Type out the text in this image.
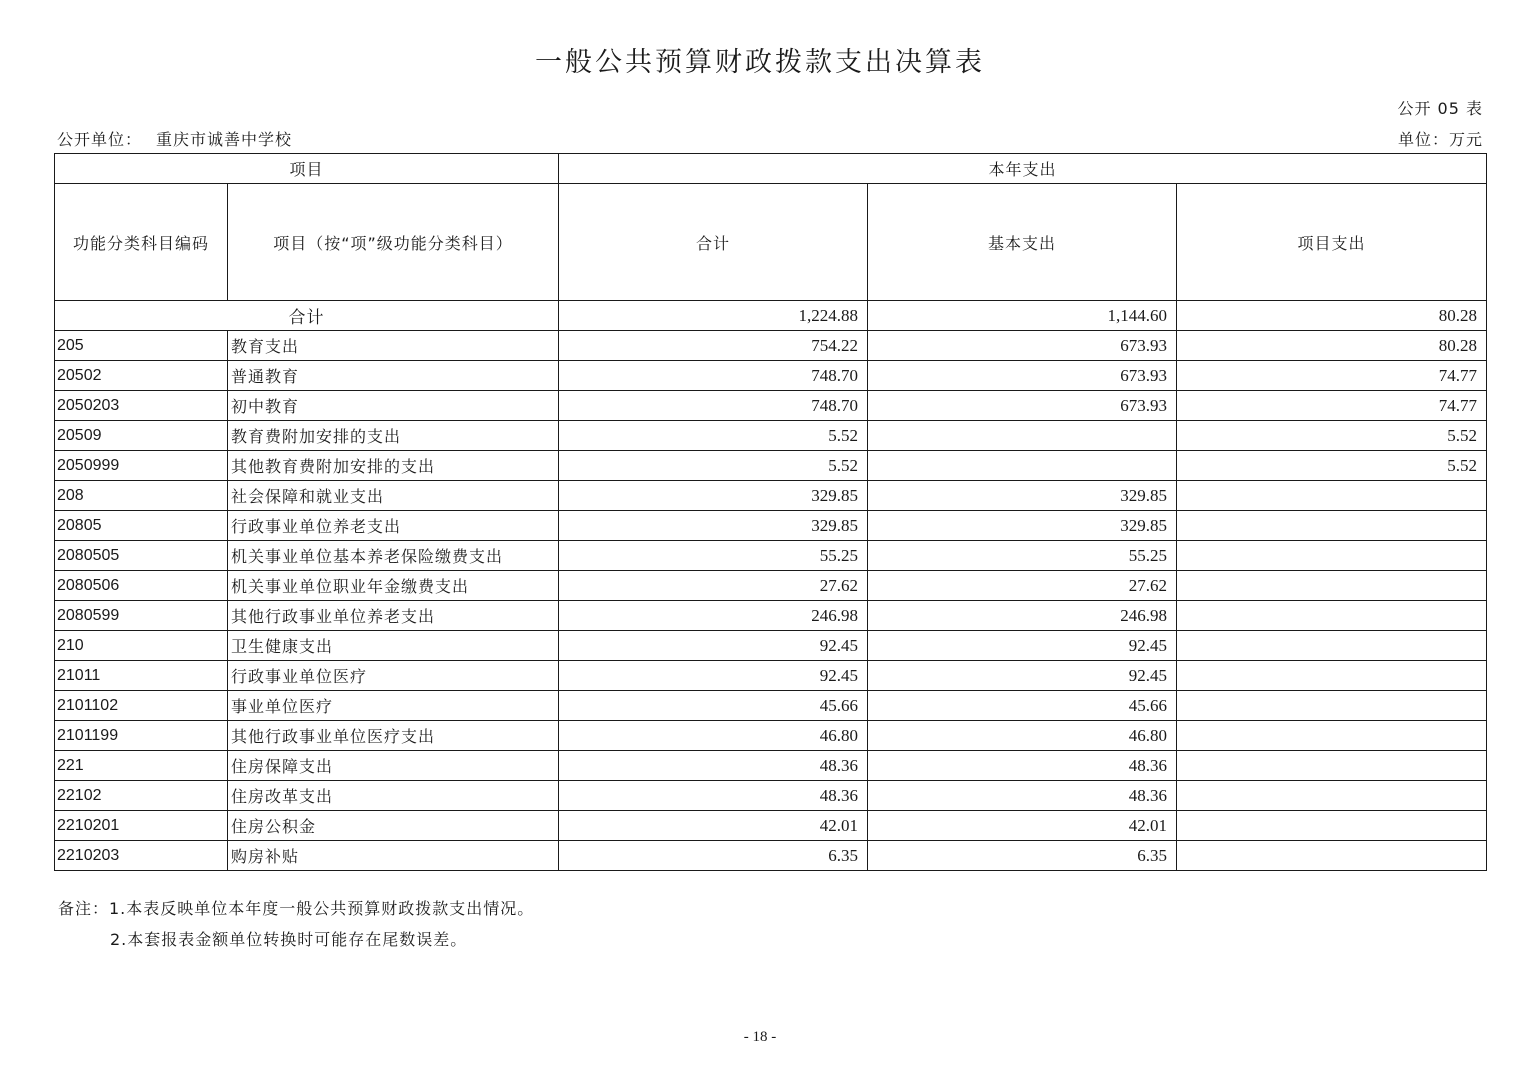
一般公共预算财政拨款支出决算表
公开 05 表
公开单位： 重庆市诚善中学校	单位：万元
项目		本年支出		
功能分类科目编码	项目（按“项”级功能分类科目）	合计	基本支出	项目支出
合计		1,224.88	1,144.60	80.28
205	教育支出	754.22	673.93	80.28
20502	普通教育	748.70	673.93	74.77
2050203	初中教育	748.70	673.93	74.77
20509	教育费附加安排的支出	5.52		5.52
2050999	其他教育费附加安排的支出	5.52		5.52
208	社会保障和就业支出	329.85	329.85	
20805	行政事业单位养老支出	329.85	329.85	
2080505	机关事业单位基本养老保险缴费支出	55.25	55.25	
2080506	机关事业单位职业年金缴费支出	27.62	27.62	
2080599	其他行政事业单位养老支出	246.98	246.98	
210	卫生健康支出	92.45	92.45	
21011	行政事业单位医疗	92.45	92.45	
2101102	事业单位医疗	45.66	45.66	
2101199	其他行政事业单位医疗支出	46.80	46.80	
221	住房保障支出	48.36	48.36	
22102	住房改革支出	48.36	48.36	
2210201	住房公积金	42.01	42.01	
2210203	购房补贴	6.35	6.35	
备注：1.本表反映单位本年度一般公共预算财政拨款支出情况。
2.本套报表金额单位转换时可能存在尾数误差。
- 18 -
